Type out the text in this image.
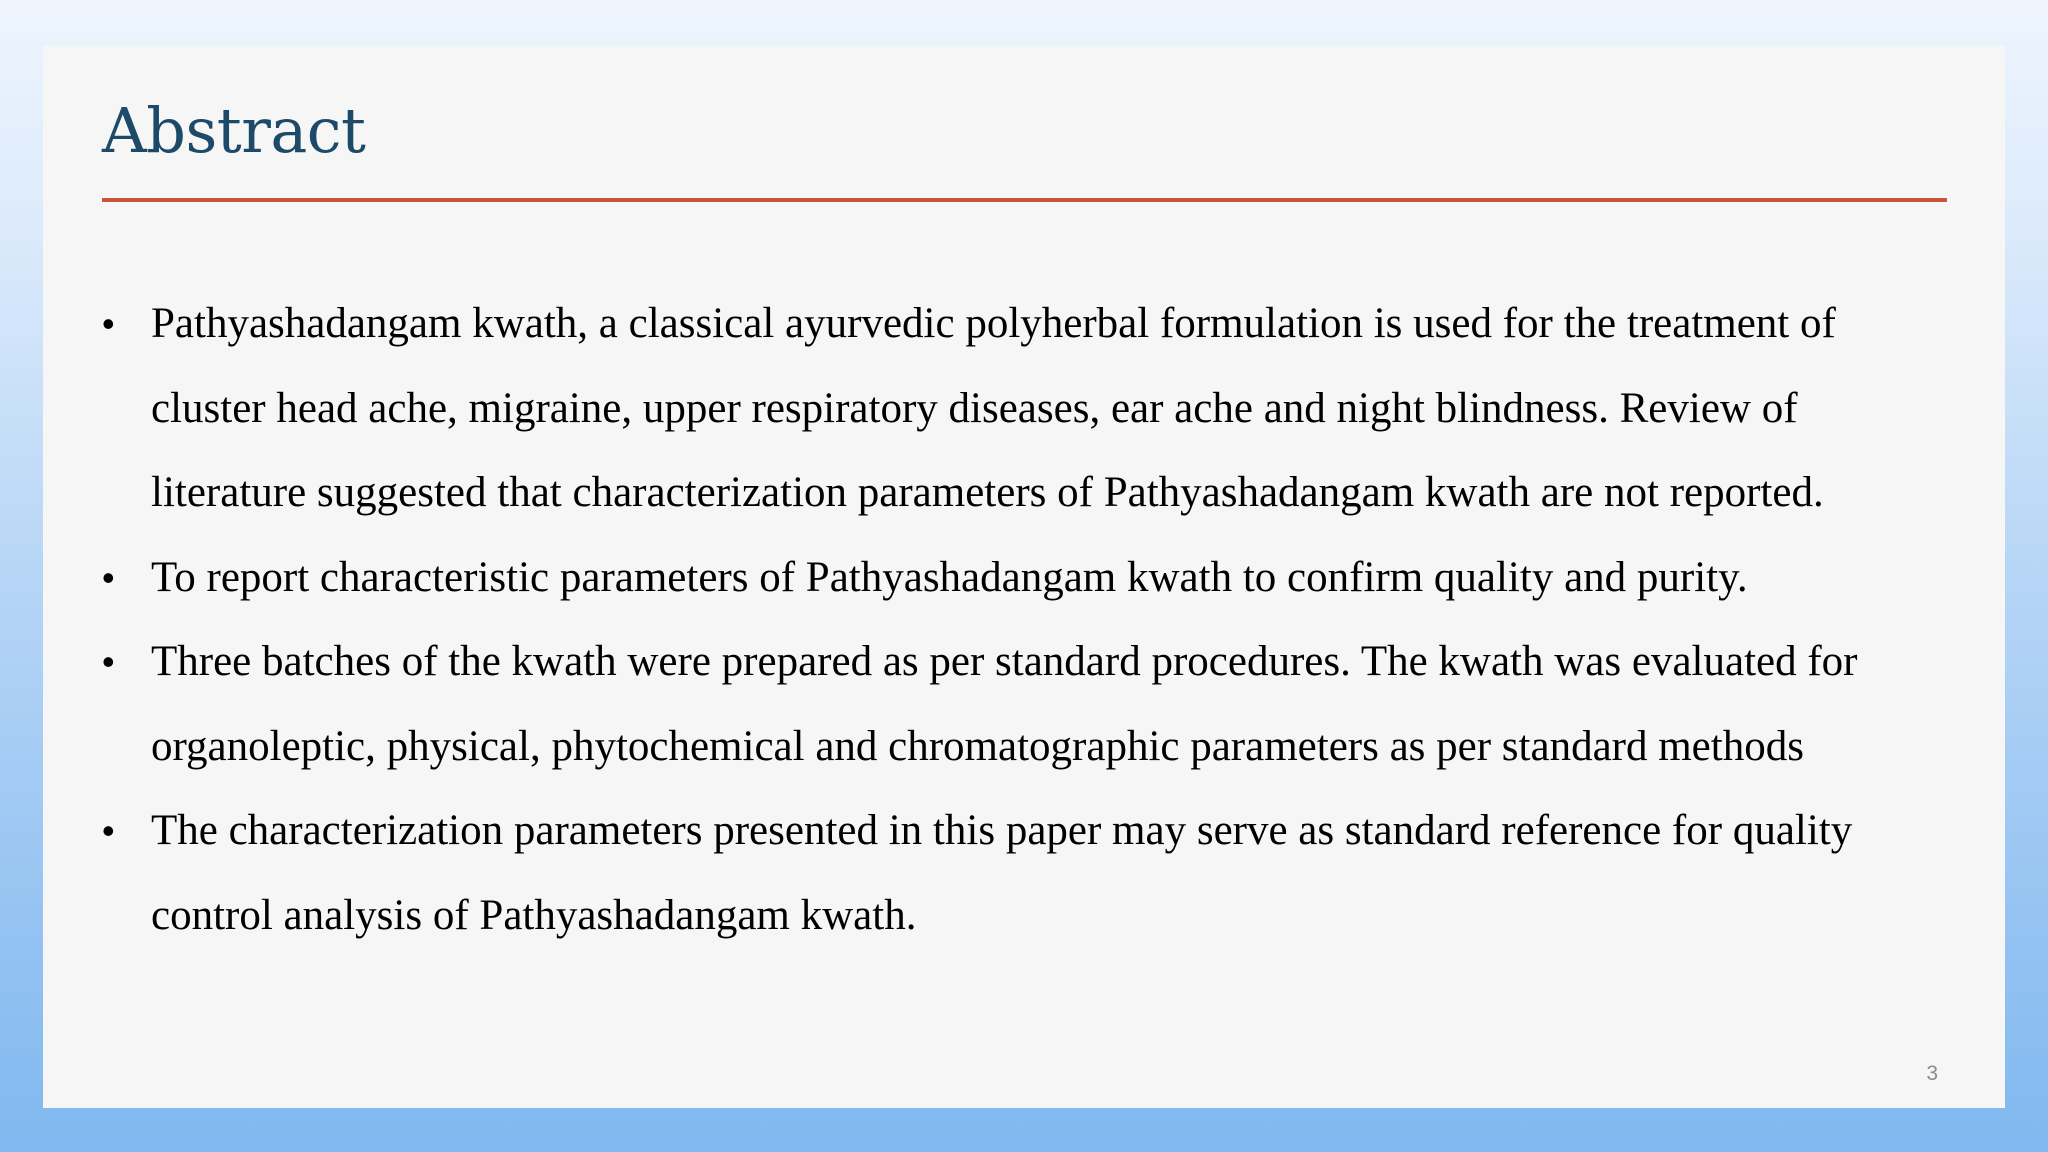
Abstract
• Pathyashadangam kwath, a classical ayurvedic polyherbal formulation is used for the treatment of cluster head ache, migraine, upper respiratory diseases, ear ache and night blindness. Review of literature suggested that characterization parameters of Pathyashadangam kwath are not reported.
• To report characteristic parameters of Pathyashadangam kwath to confirm quality and purity.
• Three batches of the kwath were prepared as per standard procedures. The kwath was evaluated for organoleptic, physical, phytochemical and chromatographic parameters as per standard methods
• The characterization parameters presented in this paper may serve as standard reference for quality control analysis of Pathyashadangam kwath.
3
